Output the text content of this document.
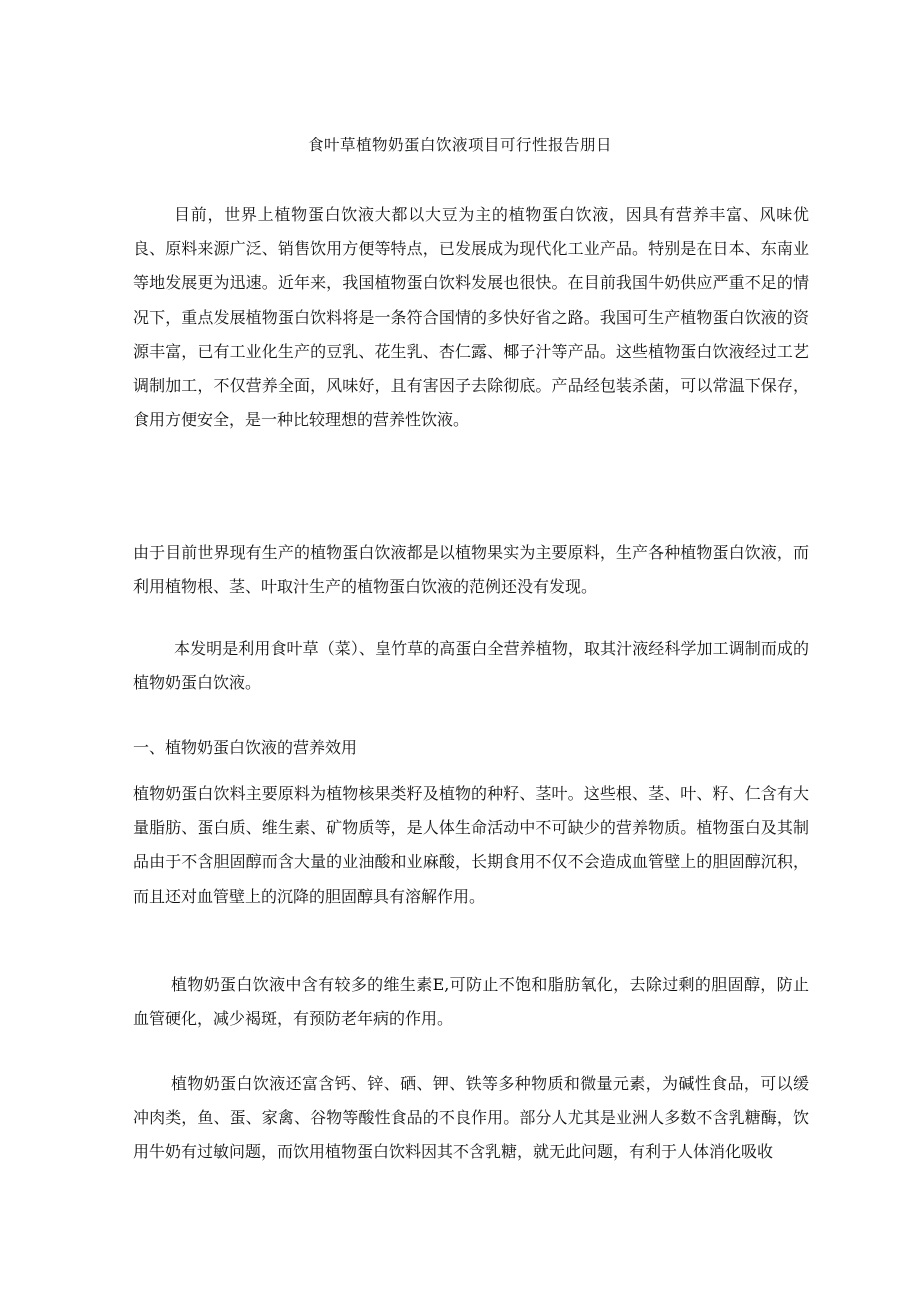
食叶草植物奶蛋白饮液项目可行性报告朋日

目前，世界上植物蛋白饮液大都以大豆为主的植物蛋白饮液，因具有营养丰富、风味优良、原料来源广泛、销售饮用方便等特点，已发展成为现代化工业产品。特别是在日本、东南业等地发展更为迅速。近年来，我国植物蛋白饮料发展也很快。在目前我国牛奶供应严重不足的情况下，重点发展植物蛋白饮料将是一条符合国情的多快好省之路。我国可生产植物蛋白饮液的资源丰富，已有工业化生产的豆乳、花生乳、杏仁露、椰子汁等产品。这些植物蛋白饮液经过工艺调制加工，不仅营养全面，风味好，且有害因子去除彻底。产品经包装杀菌，可以常温下保存，食用方便安全，是一种比较理想的营养性饮液。

由于目前世界现有生产的植物蛋白饮液都是以植物果实为主要原料，生产各种植物蛋白饮液，而利用植物根、茎、叶取汁生产的植物蛋白饮液的范例还没有发现。

本发明是利用食叶草（菜）、皇竹草的高蛋白全营养植物，取其汁液经科学加工调制而成的植物奶蛋白饮液。

一、植物奶蛋白饮液的营养效用

植物奶蛋白饮料主要原料为植物核果类籽及植物的种籽、茎叶。这些根、茎、叶、籽、仁含有大量脂肪、蛋白质、维生素、矿物质等，是人体生命活动中不可缺少的营养物质。植物蛋白及其制品由于不含胆固醇而含大量的业油酸和业麻酸，长期食用不仅不会造成血管壁上的胆固醇沉积，而且还对血管壁上的沉降的胆固醇具有溶解作用。

植物奶蛋白饮液中含有较多的维生素E,可防止不饱和脂肪氧化，去除过剩的胆固醇，防止血管硬化，减少褐斑，有预防老年病的作用。

植物奶蛋白饮液还富含钙、锌、硒、钾、铁等多种物质和微量元素，为碱性食品，可以缓冲肉类，鱼、蛋、家禽、谷物等酸性食品的不良作用。部分人尤其是业洲人多数不含乳糖酶，饮用牛奶有过敏问题，而饮用植物蛋白饮料因其不含乳糖，就无此问题，有利于人体消化吸收
